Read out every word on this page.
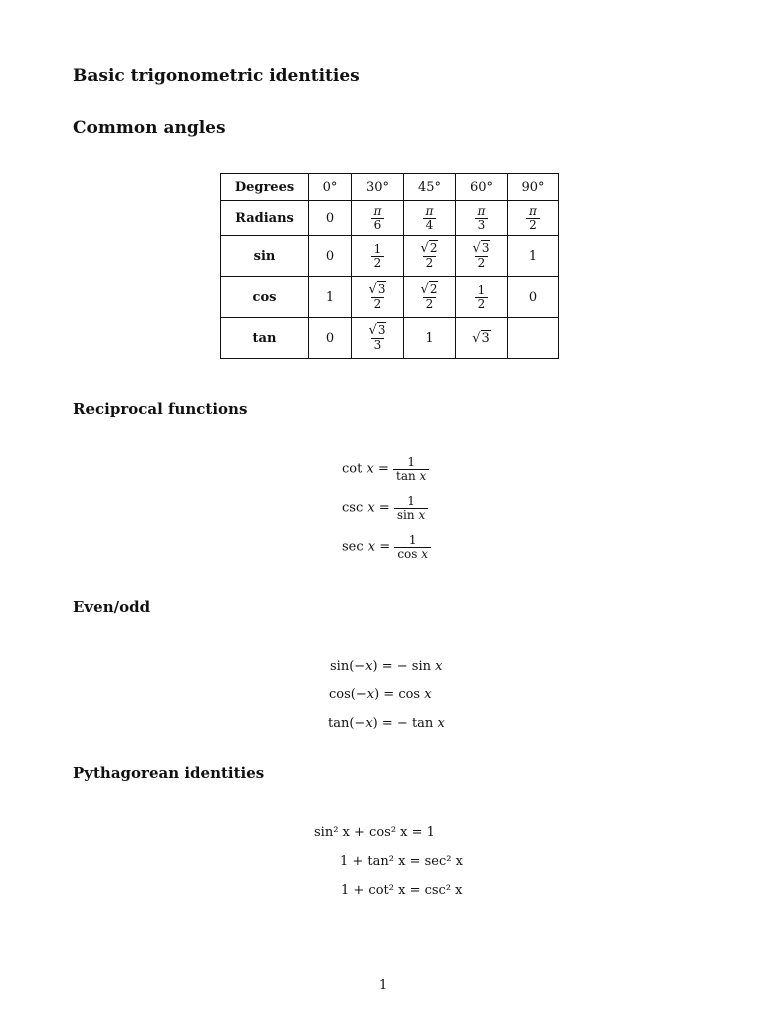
Basic trigonometric identities
Common angles
Degrees	0°	30°	45°	60°	90°
Radians	0	$\frac{\pi}{6}$	$\frac{\pi}{4}$	$\frac{\pi}{3}$	$\frac{\pi}{2}$

sin	0	$\frac{1}{2}$	$\frac{√2}{2}$	$\frac{√3}{2}$	1
cos	1	$\frac{√3}{2}$	$\frac{√2}{2}$	$\frac{1}{2}$	0
tan	0	$\frac{√3}{3}$	1	√3	
Reciprocal functions
$\cot x = \frac{1}{\text{tan x}}$
$\csc x = \frac{1}{\text{sin x}}$
$\sec x = \frac{1}{\text{cos x}}$
Even/odd
sin(−x) = − sin x
cos(−x) = cos x
tan(−x) = − tan x
Pythagorean identities
sin² x + cos² x = 1
1 + tan² x = sec² x
1 + cot² x = csc² x
1
